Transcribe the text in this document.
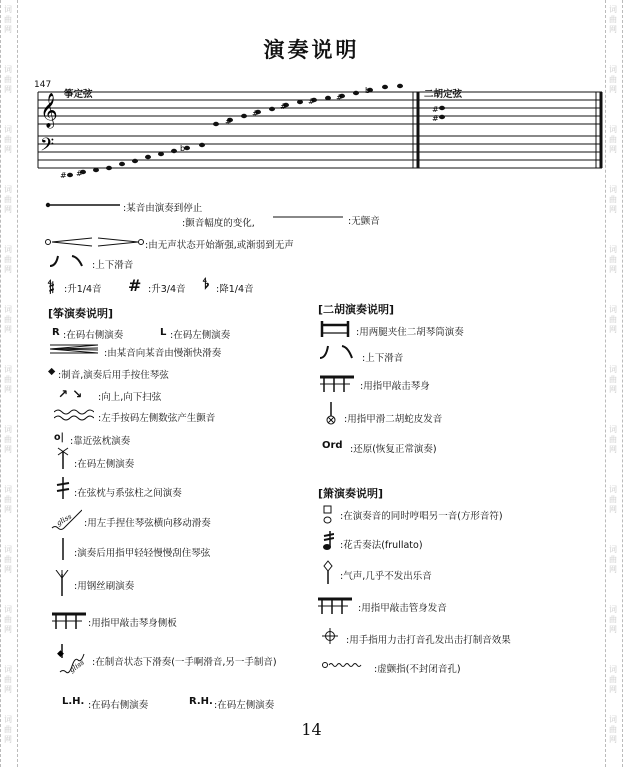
词
曲
网
词
曲
网
词
曲
网
词
曲
网
词
曲
网
词
曲
网
词
曲
网
词
曲
网
词
曲
网
词
曲
网
词
曲
网
词
曲
网
词
曲
网
词
曲
网
词
曲
网
词
曲
网
词
曲
网
词
曲
网
词
曲
网
词
曲
网
词
曲
网
词
曲
网
词
曲
网
词
曲
网
词
曲
网
词
曲
网
演奏说明
𝄞
𝄢
# #
b
#
#
#
#	#
b
#
#
147
筝定弦	二胡定弦
:某音由演奏到停止
:颤音幅度的变化,	:无颤音
:由无声状态开始渐强,或渐弱到无声
:上下滑音
𝄲 :升1/4音 # :升3/4音 𝄳 :降1/4音
[筝演奏说明]
R :在码右侧演奏	L :在码左侧演奏
:由某音向某音由慢渐快滑奏
◆ :制音,演奏后用手按住琴弦
↗ ↘ :向上,向下扫弦
:左手按码左侧数弦产生颤音
o| :靠近弦枕演奏
:在码左侧演奏
:在弦枕与系弦柱之间演奏
gliss :用左手捏住琴弦横向移动滑奏
:演奏后用指甲轻轻慢慢刮住琴弦
:用钢丝刷演奏
:用指甲敲击琴身侧板
◆
gliss :在制音状态下滑奏(一手啊滑音,另一手制音)
L.H. :在码右侧演奏	R.H. :在码左侧演奏
[二胡演奏说明]
:用两腿夹住二胡琴筒演奏
:上下滑音
:用指甲敲击琴身
:用指甲滑二胡蛇皮发音
Ord :还原(恢复正常演奏)
[箫演奏说明]
:在演奏音的同时哼唱另一音(方形音符)
:花舌奏法(frullato)
:气声,几乎不发出乐音
:用指甲敲击管身发音
:用手指用力击打音孔发出击打制音效果
:虚颤指(不封闭音孔)
14
